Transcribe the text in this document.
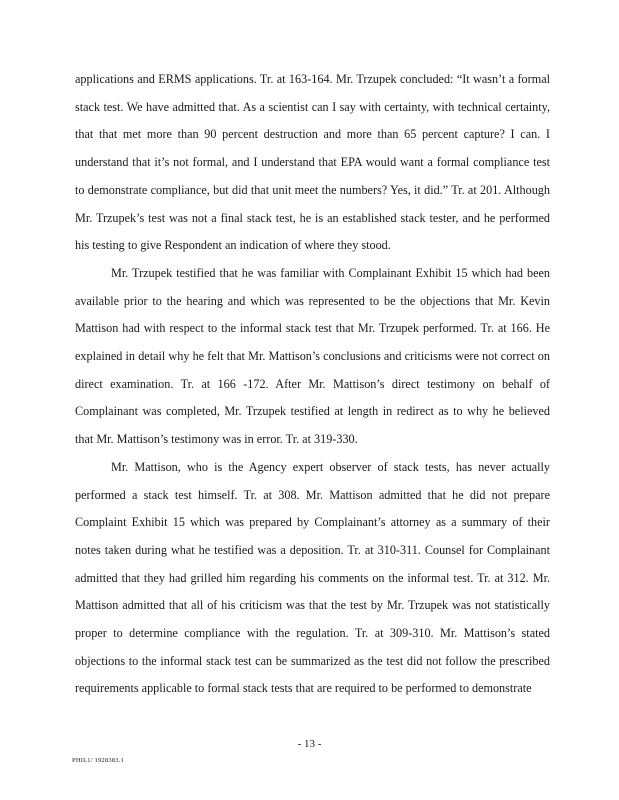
applications and ERMS applications. Tr. at 163-164. Mr. Trzupek concluded: “It wasn’t a formal stack test. We have admitted that. As a scientist can I say with certainty, with technical certainty, that that met more than 90 percent destruction and more than 65 percent capture? I can. I understand that it’s not formal, and I understand that EPA would want a formal compliance test to demonstrate compliance, but did that unit meet the numbers? Yes, it did.” Tr. at 201. Although Mr. Trzupek’s test was not a final stack test, he is an established stack tester, and he performed his testing to give Respondent an indication of where they stood.

Mr. Trzupek testified that he was familiar with Complainant Exhibit 15 which had been available prior to the hearing and which was represented to be the objections that Mr. Kevin Mattison had with respect to the informal stack test that Mr. Trzupek performed. Tr. at 166. He explained in detail why he felt that Mr. Mattison’s conclusions and criticisms were not correct on direct examination. Tr. at 166 -172. After Mr. Mattison’s direct testimony on behalf of Complainant was completed, Mr. Trzupek testified at length in redirect as to why he believed that Mr. Mattison’s testimony was in error. Tr. at 319-330.

Mr. Mattison, who is the Agency expert observer of stack tests, has never actually performed a stack test himself. Tr. at 308. Mr. Mattison admitted that he did not prepare Complaint Exhibit 15 which was prepared by Complainant’s attorney as a summary of their notes taken during what he testified was a deposition. Tr. at 310-311. Counsel for Complainant admitted that they had grilled him regarding his comments on the informal test. Tr. at 312. Mr. Mattison admitted that all of his criticism was that the test by Mr. Trzupek was not statistically proper to determine compliance with the regulation. Tr. at 309-310. Mr. Mattison’s stated objections to the informal stack test can be summarized as the test did not follow the prescribed requirements applicable to formal stack tests that are required to be performed to demonstrate

- 13 -
PHIL1/ 1928383.1
